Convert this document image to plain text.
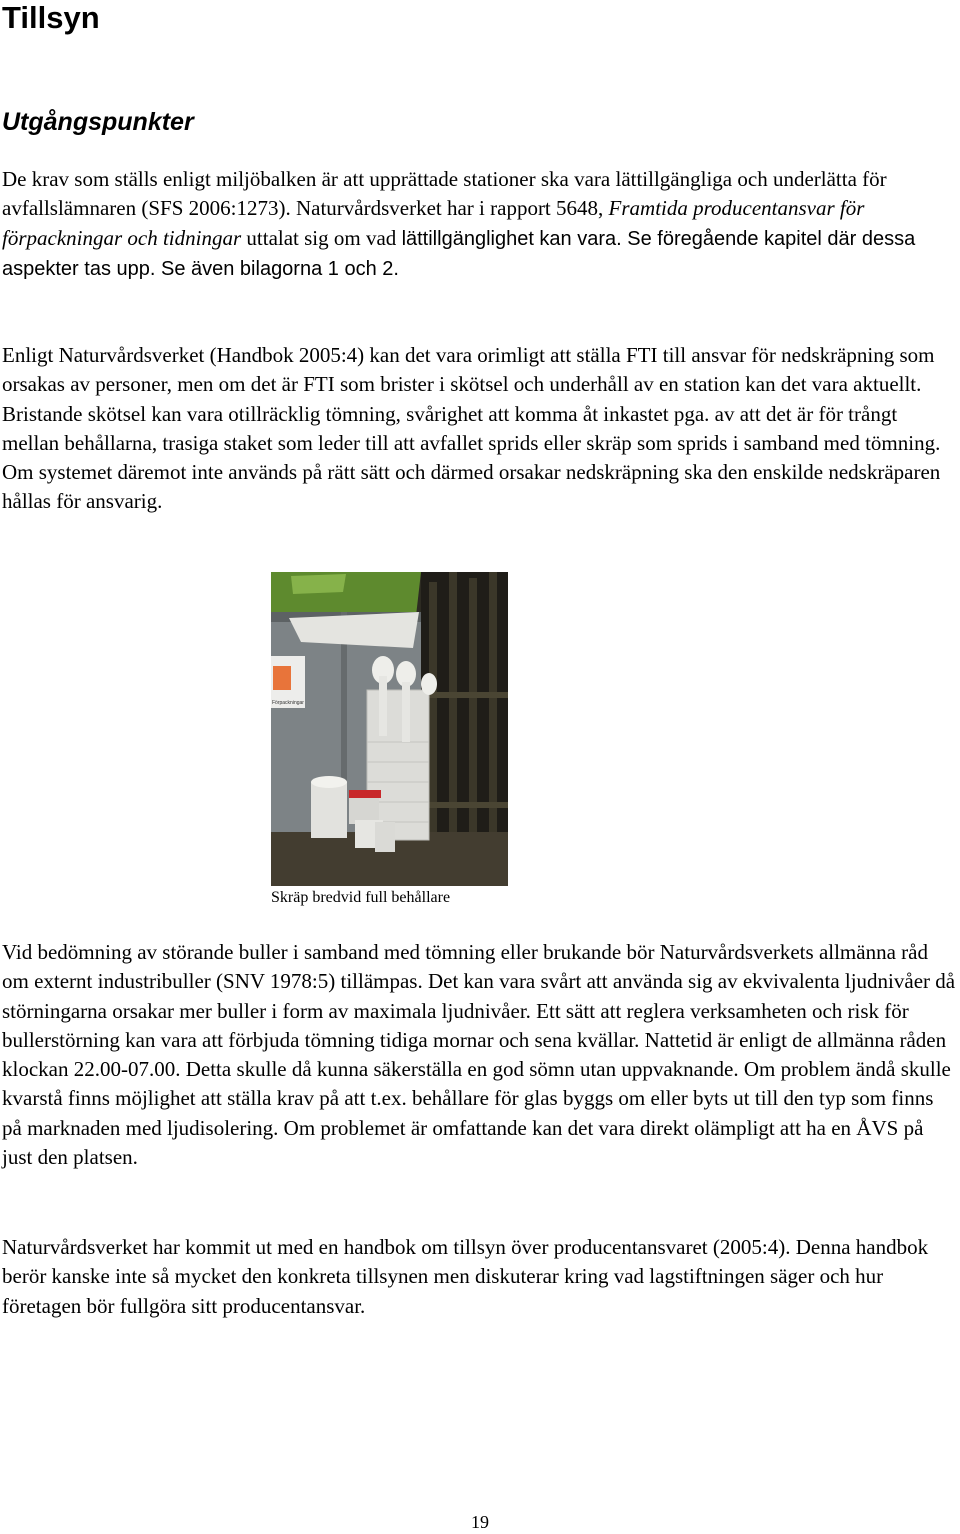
Tillsyn
Utgångspunkter

De krav som ställs enligt miljöbalken är att upprättade stationer ska vara lättillgängliga och underlätta för avfallslämnaren (SFS 2006:1273). Naturvårdsverket har i rapport 5648, Framtida producentansvar för förpackningar och tidningar uttalat sig om vad lättillgänglighet kan vara. Se föregående kapitel där dessa aspekter tas upp. Se även bilagorna 1 och 2.

Enligt Naturvårdsverket (Handbok 2005:4) kan det vara orimligt att ställa FTI till ansvar för nedskräpning som orsakas av personer, men om det är FTI som brister i skötsel och underhåll av en station kan det vara aktuellt. Bristande skötsel kan vara otillräcklig tömning, svårighet att komma åt inkastet pga. av att det är för trångt mellan behållarna, trasiga staket som leder till att avfallet sprids eller skräp som sprids i samband med tömning. Om systemet däremot inte används på rätt sätt och därmed orsakar nedskräpning ska den enskilde nedskräparen hållas för ansvarig.

Förpackningar

Skräp bredvid full behållare

Vid bedömning av störande buller i samband med tömning eller brukande bör Naturvårdsverkets allmänna råd om externt industribuller (SNV 1978:5) tillämpas. Det kan vara svårt att använda sig av ekvivalenta ljudnivåer då störningarna orsakar mer buller i form av maximala ljudnivåer. Ett sätt att reglera verksamheten och risk för bullerstörning kan vara att förbjuda tömning tidiga mornar och sena kvällar. Nattetid är enligt de allmänna råden klockan 22.00-07.00. Detta skulle då kunna säkerställa en god sömn utan uppvaknande. Om problem ändå skulle kvarstå finns möjlighet att ställa krav på att t.ex. behållare för glas byggs om eller byts ut till den typ som finns på marknaden med ljudisolering. Om problemet är omfattande kan det vara direkt olämpligt att ha en ÅVS på just den platsen.

Naturvårdsverket har kommit ut med en handbok om tillsyn över producentansvaret (2005:4). Denna handbok berör kanske inte så mycket den konkreta tillsynen men diskuterar kring vad lagstiftningen säger och hur företagen bör fullgöra sitt producentansvar.

19
